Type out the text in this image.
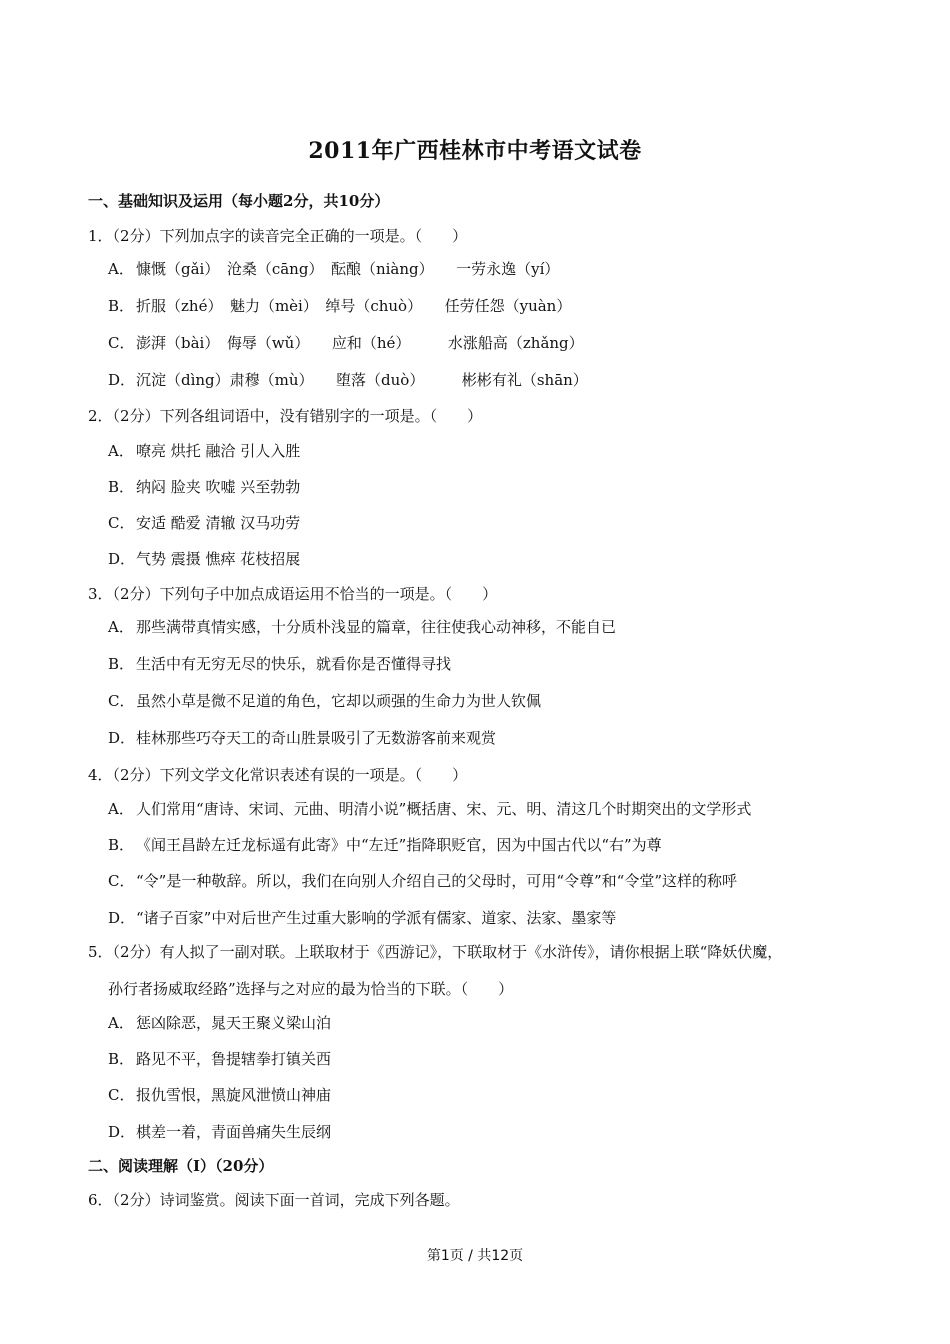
2011年广西桂林市中考语文试卷
一、基础知识及运用（每小题2分，共10分）
1．（2分）下列加点字的读音完全正确的一项是。（　　）
A． 慷慨（gǎi）　沧桑（cāng）　酝酿（niàng）　　一劳永逸（yí）
B． 折服（zhé）　魅力（mèi）　绰号（chuò）　　任劳任怨（yuàn）
C． 澎湃（bài）　侮辱（wǔ）　　应和（hé）　　　水涨船高（zhǎng）
D．沉淀（dìng）肃穆（mù）　　堕落（duò）　　　彬彬有礼（shān）
2．（2分）下列各组词语中，没有错别字的一项是。（　　）
A． 嘹亮 烘托 融洽 引人入胜
B． 纳闷 脸夹 吹嘘 兴至勃勃
C． 安适 酷爱 清辙 汉马功劳
D．气势 震摄 憔瘁 花枝招展
3．（2分）下列句子中加点成语运用不恰当的一项是。（　　）
A． 那些满带真情实感，十分质朴浅显的篇章，往往使我心动神移，不能自已
B． 生活中有无穷无尽的快乐，就看你是否懂得寻找
C． 虽然小草是微不足道的角色，它却以顽强的生命力为世人钦佩
D．桂林那些巧夺天工的奇山胜景吸引了无数游客前来观赏
4．（2分）下列文学文化常识表述有误的一项是。（　　）
A． 人们常用“唐诗、宋词、元曲、明清小说”概括唐、宋、元、明、清这几个时期突出的文学形式
B． 《闻王昌龄左迁龙标遥有此寄》中“左迁”指降职贬官，因为中国古代以“右”为尊
C． “令”是一种敬辞。所以，我们在向别人介绍自己的父母时，可用“令尊”和“令堂”这样的称呼
D．“诸子百家”中对后世产生过重大影响的学派有儒家、道家、法家、墨家等
5．（2分）有人拟了一副对联。上联取材于《西游记》，下联取材于《水浒传》，请你根据上联“降妖伏魔，
孙行者扬威取经路”选择与之对应的最为恰当的下联。（　　）
A． 惩凶除恶，晁天王聚义梁山泊
B． 路见不平，鲁提辖拳打镇关西
C． 报仇雪恨，黑旋风泄愤山神庙
D．棋差一着，青面兽痛失生辰纲
二、阅读理解（Ⅰ）（20分）
6．（2分）诗词鉴赏。阅读下面一首词，完成下列各题。
第1页 / 共12页
